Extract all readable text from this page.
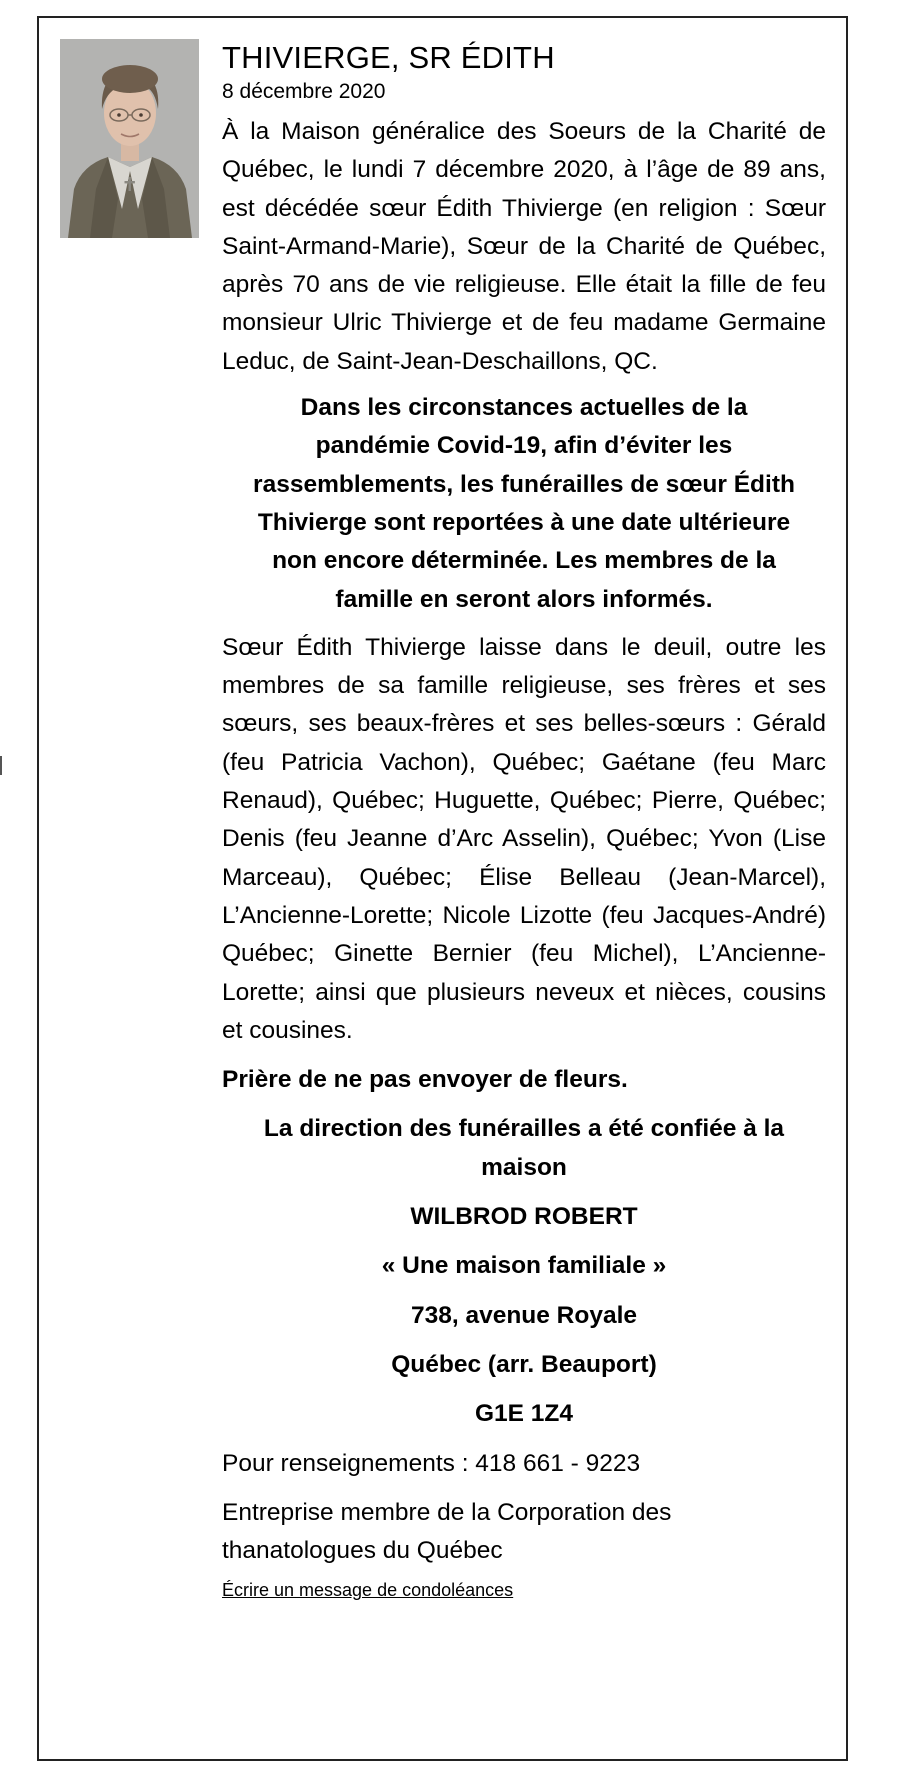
THIVIERGE, SR ÉDITH
8 décembre 2020

À la Maison généralice des Soeurs de la Charité de Québec, le lundi 7 décembre 2020, à l’âge de 89 ans, est décédée sœur Édith Thivierge (en religion : Sœur Saint-Armand-Marie), Sœur de la Charité de Québec, après 70 ans de vie religieuse. Elle était la fille de feu monsieur Ulric Thivierge et de feu madame Germaine Leduc, de Saint-Jean-Deschaillons, QC.

Dans les circonstances actuelles de la pandémie Covid-19, afin d’éviter les rassemblements, les funérailles de sœur Édith Thivierge sont reportées à une date ultérieure non encore déterminée. Les membres de la famille en seront alors informés.

Sœur Édith Thivierge laisse dans le deuil, outre les membres de sa famille religieuse, ses frères et ses sœurs, ses beaux-frères et ses belles-sœurs : Gérald (feu Patricia Vachon), Québec; Gaétane (feu Marc Renaud), Québec; Huguette, Québec; Pierre, Québec; Denis (feu Jeanne d’Arc Asselin), Québec; Yvon (Lise Marceau), Québec; Élise Belleau (Jean-Marcel), L’Ancienne-Lorette; Nicole Lizotte (feu Jacques-André) Québec; Ginette Bernier (feu Michel), L’Ancienne-Lorette; ainsi que plusieurs neveux et nièces, cousins et cousines.

Prière de ne pas envoyer de fleurs.

La direction des funérailles a été confiée à la maison

WILBROD ROBERT

« Une maison familiale »

738, avenue Royale

Québec (arr. Beauport)

G1E 1Z4

Pour renseignements : 418 661 - 9223

Entreprise membre de la Corporation des thanatologues du Québec

Écrire un message de condoléances
